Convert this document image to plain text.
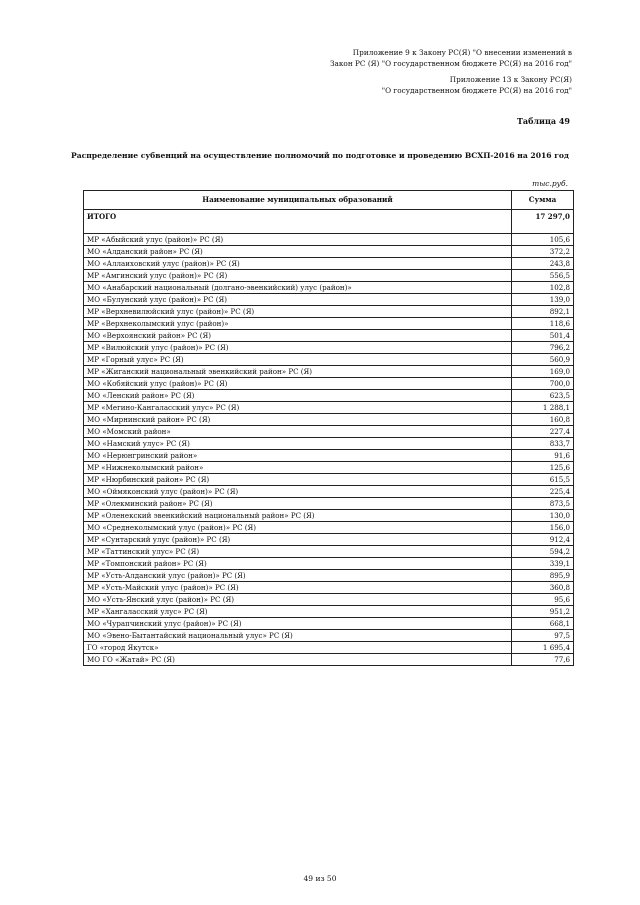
Приложение 9 к Закону РС(Я) "О внесении изменений в
Закон РС (Я) "О государственном бюджете РС(Я) на 2016 год"
Приложение 13 к Закону РС(Я)
"О государственном бюджете РС(Я) на 2016 год"
Таблица 49
Распределение субвенций на осуществление полномочий по подготовке и проведению ВСХП-2016 на 2016 год
тыс.руб.
Наименование муниципальных образований	Сумма
ИТОГО	17 297,0
МР «Абыйский улус (район)» РС (Я)	105,6
МО «Алданский район» РС (Я)	372,2
МО «Аллаиховский улус (район)» РС (Я)	243,8
МР «Амгинский улус (район)» РС (Я)	556,5
МО «Анабарский национальный (долгано-эвенкийский) улус (район)»	102,8
МО «Булунский улус (район)» РС (Я)	139,0
МР «Верхневилюйский улус (район)» РС (Я)	892,1
МР «Верхнеколымский улус (район)»	118,6
МО «Верхоянский район» РС (Я)	501,4
МР «Вилюйский улус (район)» РС (Я)	796,2
МР «Горный улус» РС (Я)	560,9
МР «Жиганский национальный эвенкийский район» РС (Я)	169,0
МО «Кобяйский улус (район)» РС (Я)	700,0
МО «Ленский район» РС (Я)	623,5
МР «Мегино-Кангаласский улус» РС (Я)	1 288,1
МО «Мирнинский район» РС (Я)	160,8
МО «Момский район»	227,4
МО «Намский улус» РС (Я)	833,7
МО «Нерюнгринский район»	91,6
МР «Нижнеколымский район»	125,6
МР «Нюрбинский район» РС (Я)	615,5
МО «Оймяконский улус (район)» РС (Я)	225,4
МР «Олекминский район» РС (Я)	873,5
МР «Оленекский эвенкийский национальный район» РС (Я)	130,0
МО «Среднеколымский улус (район)» РС (Я)	156,0
МР «Сунтарский улус (район)» РС (Я)	912,4
МР «Таттинский улус» РС (Я)	594,2
МР «Томпонский район» РС (Я)	339,1
МР «Усть-Алданский улус (район)» РС (Я)	895,9
МР «Усть-Майский улус (район)» РС (Я)	360,8
МО «Усть-Янский улус (район)» РС (Я)	95,6
МР «Хангаласский улус» РС (Я)	951,2
МО «Чурапчинский улус (район)» РС (Я)	668,1
МО «Эвено-Бытантайский национальный улус» РС (Я)	97,5
ГО «город Якутск»	1 695,4
МО ГО «Жатай» РС (Я)	77,6
49 из 50
